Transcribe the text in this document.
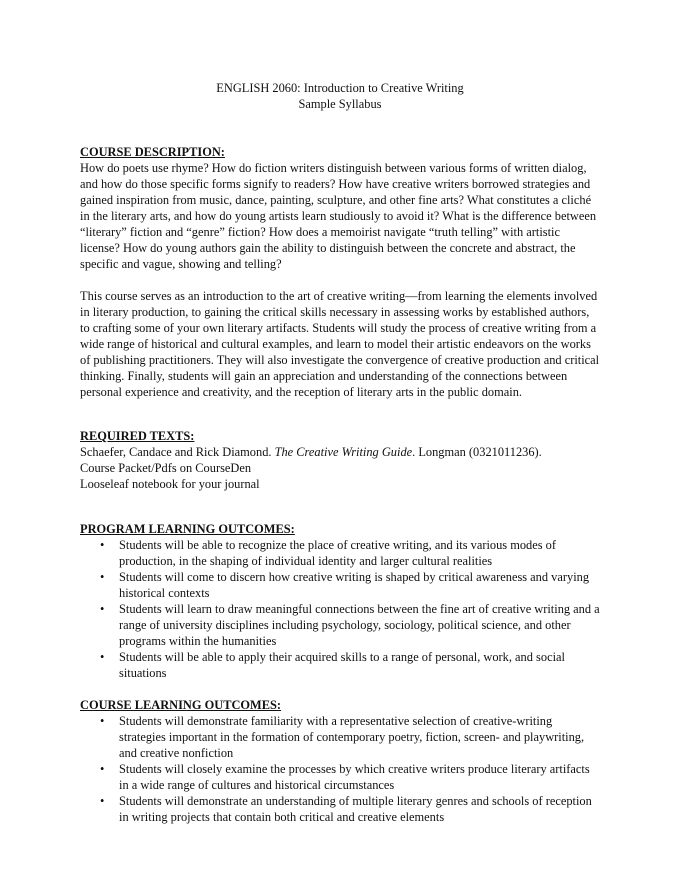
ENGLISH 2060: Introduction to Creative Writing
Sample Syllabus

COURSE DESCRIPTION:

How do poets use rhyme? How do fiction writers distinguish between various forms of written dialog, and how do those specific forms signify to readers? How have creative writers borrowed strategies and gained inspiration from music, dance, painting, sculpture, and other fine arts? What constitutes a cliché in the literary arts, and how do young artists learn studiously to avoid it? What is the difference between “literary” fiction and “genre” fiction? How does a memoirist navigate “truth telling” with artistic license? How do young authors gain the ability to distinguish between the concrete and abstract, the specific and vague, showing and telling?

This course serves as an introduction to the art of creative writing—from learning the elements involved in literary production, to gaining the critical skills necessary in assessing works by established authors, to crafting some of your own literary artifacts. Students will study the process of creative writing from a wide range of historical and cultural examples, and learn to model their artistic endeavors on the works of publishing practitioners. They will also investigate the convergence of creative production and critical thinking. Finally, students will gain an appreciation and understanding of the connections between personal experience and creativity, and the reception of literary arts in the public domain.

REQUIRED TEXTS:

Schaefer, Candace and Rick Diamond. The Creative Writing Guide. Longman (0321011236).

Course Packet/Pdfs on CourseDen

Looseleaf notebook for your journal

PROGRAM LEARNING OUTCOMES:

• Students will be able to recognize the place of creative writing, and its various modes of production, in the shaping of individual identity and larger cultural realities
• Students will come to discern how creative writing is shaped by critical awareness and varying historical contexts
• Students will learn to draw meaningful connections between the fine art of creative writing and a range of university disciplines including psychology, sociology, political science, and other programs within the humanities
• Students will be able to apply their acquired skills to a range of personal, work, and social situations

COURSE LEARNING OUTCOMES:

• Students will demonstrate familiarity with a representative selection of creative-writing strategies important in the formation of contemporary poetry, fiction, screen- and playwriting, and creative nonfiction
• Students will closely examine the processes by which creative writers produce literary artifacts in a wide range of cultures and historical circumstances
• Students will demonstrate an understanding of multiple literary genres and schools of reception in writing projects that contain both critical and creative elements
